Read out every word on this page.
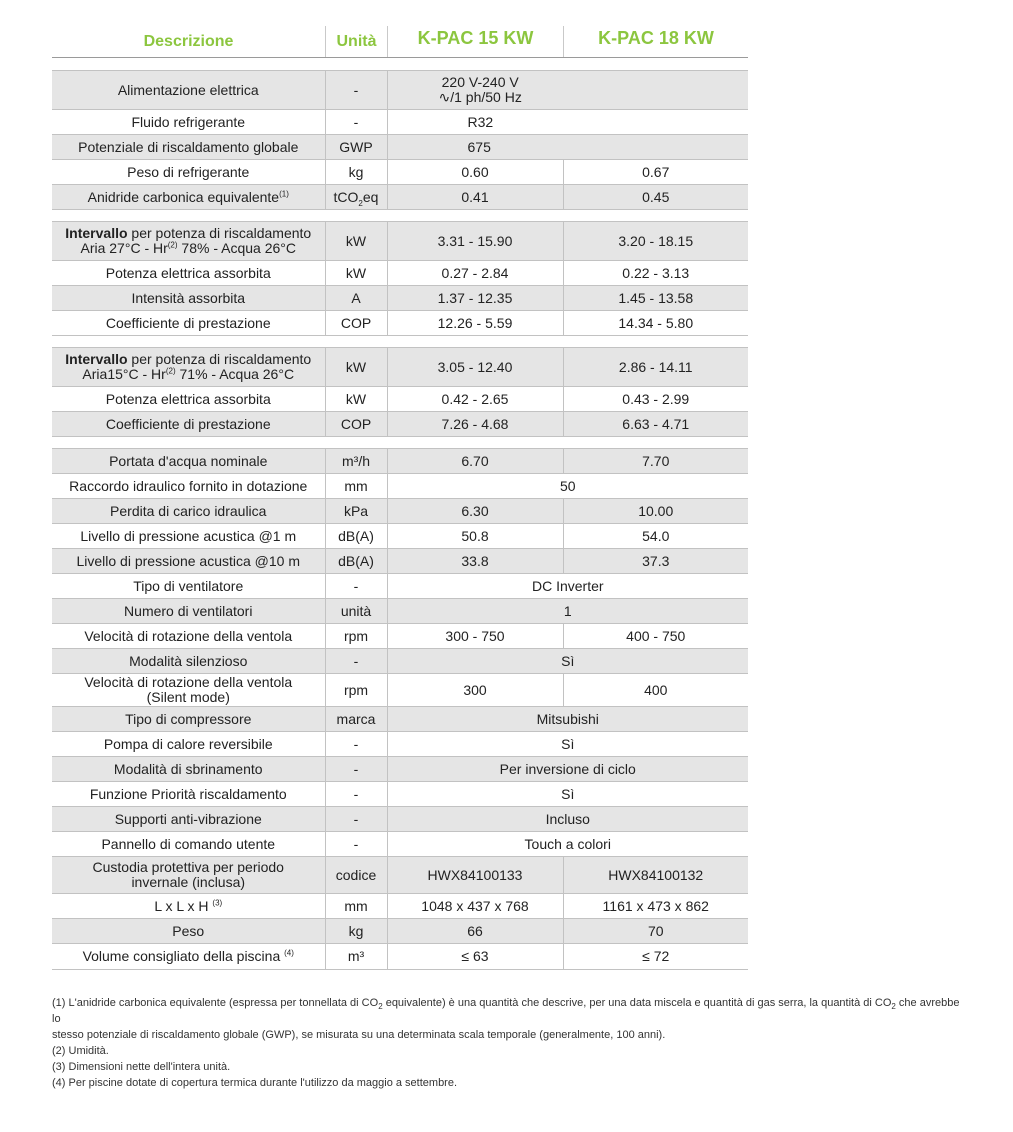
Descrizione	Unità	K-PAC 15 KW	K-PAC 18 KW
Alimentazione elettrica	-	220 V-240 V
∿/1 ph/50 Hz	
Fluido refrigerante	-	R32	
Potenziale di riscaldamento globale	GWP	675	
Peso di refrigerante	kg	0.60	0.67
Anidride carbonica equivalente$^{(1)}$	tCO$_2$eq	0.41	0.45

Intervallo per potenza di riscaldamento
Aria 27°C - Hr$^{(2)}$ 78% - Acqua 26°C	kW	3.31 - 15.90	3.20 - 18.15
Potenza elettrica assorbita	kW	0.27 - 2.84	0.22 - 3.13
Intensità assorbita	A	1.37 - 12.35	1.45 - 13.58
Coefficiente di prestazione	COP	12.26 - 5.59	14.34 - 5.80

Intervallo per potenza di riscaldamento
Aria15°C - Hr$^{(2)}$ 71% - Acqua 26°C	kW	3.05 - 12.40	2.86 - 14.11
Potenza elettrica assorbita	kW	0.42 - 2.65	0.43 - 2.99
Coefficiente di prestazione	COP	7.26 - 4.68	6.63 - 4.71

Portata d'acqua nominale	m³/h	6.70	7.70
Raccordo idraulico fornito in dotazione	mm	50	
Perdita di carico idraulica	kPa	6.30	10.00
Livello di pressione acustica @1 m	dB(A)	50.8	54.0
Livello di pressione acustica @10 m	dB(A)	33.8	37.3
Tipo di ventilatore	-	DC Inverter	
Numero di ventilatori	unità	1	
Velocità di rotazione della ventola	rpm	300 - 750	400 - 750
Modalità silenzioso	-	Sì	
Velocità di rotazione della ventola
(Silent mode)	rpm	300	400
Tipo di compressore	marca	Mitsubishi	
Pompa di calore reversibile	-	Sì	
Modalità di sbrinamento	-	Per inversione di ciclo	
Funzione Priorità riscaldamento	-	Sì	
Supporti anti-vibrazione	-	Incluso	
Pannello di comando utente	-	Touch a colori	
Custodia protettiva per periodo
invernale (inclusa)	codice	HWX84100133	HWX84100132
L x L x H $^{(3)}$	mm	1048 x 437 x 768	1161 x 473 x 862
Peso	kg	66	70
Volume consigliato della piscina $^{(4)}$	m³	≤ 63	≤ 72
(1) L'anidride carbonica equivalente (espressa per tonnellata di $CO_2$ equivalente) è una quantità che descrive, per una data miscela e quantità di gas serra, la quantità di $CO_2$ che avrebbe lo
stesso potenziale di riscaldamento globale (GWP), se misurata su una determinata scala temporale (generalmente, 100 anni).
(2) Umidità.
(3) Dimensioni nette dell'intera unità.
(4) Per piscine dotate di copertura termica durante l'utilizzo da maggio a settembre.
